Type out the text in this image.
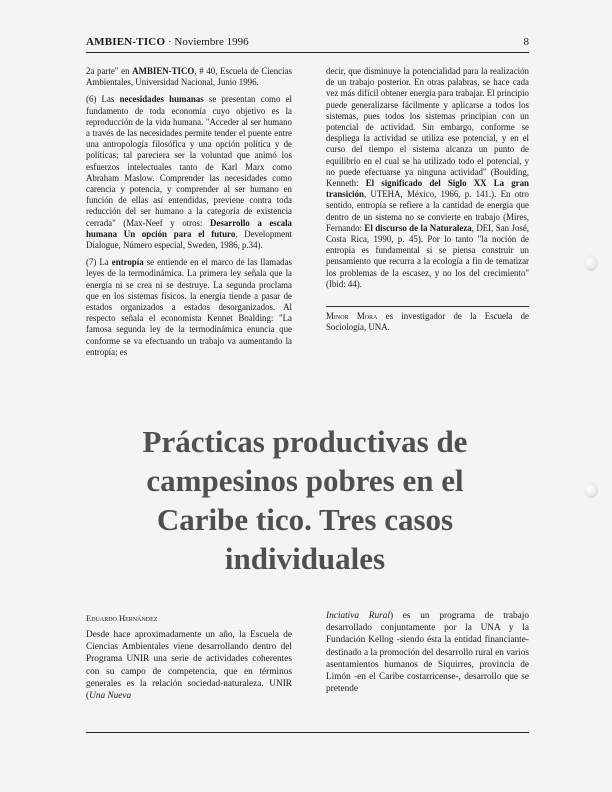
AMBIEN-TICO · Noviembre 1996	8

2a parte" en AMBIEN-TICO, # 40, Escuela de Ciencias Ambientales, Universidad Nacional, Junio 1996.

(6) Las necesidades humanas se presentan como el fundamento de toda economía cuyo objetivo es la reproducción de la vida humana. "Acceder al ser humano a través de las necesidades permite tender el puente entre una antropología filosófica y una opción política y de políticas; tal pareciera ser la voluntad que animó los esfuerzos intelectuales tanto de Karl Marx como Abraham Maslow. Comprender las necesidades como carencia y potencia, y comprender al ser humano en función de ellas así entendidas, previene contra toda reducción del ser humano a la categoría de existencia cerrada" (Max-Neef y otros: Desarrollo a escala humana Un opción para el futuro, Development Dialogue, Número especial, Sweden, 1986, p.34).

(7) La entropía se entiende en el marco de las llamadas leyes de la termodinámica. La primera ley señala que la energía ni se crea ni se destruye. La segunda proclama que en los sistemas físicos. la energía tiende a pasar de estados organizados a estados desorganizados. Al respecto señala el economista Kennet Boalding: "La famosa segunda ley de la termodinámica enuncia que conforme se va efectuando un trabajo va aumentando la entropía; es

decir, que disminuye la potencialidad para la realización de un trabajo posterior. En otras palabras, se hace cada vez más difícil obtener energía para trabajar. El principio puede generalizarse fácilmente y aplicarse a todos los sistemas, pues todos los sistemas principian con un potencial de actividad. Sin embargo, conforme se despliega la actividad se utiliza ese potencial, y en el curso del tiempo el sistema alcanza un punto de equilibrio en el cual se ha utilizado todo el potencial, y no puede efectuarse ya ninguna actividad" (Boulding, Kenneth: El significado del Siglo XX La gran transición, UTEHA, México, 1966, p. 141.). En otro sentido, entropía se refiere a la cantidad de energía que dentro de un sistema no se convierte en trabajo (Mires, Fernando: El discurso de la Naturaleza, DEI, San José, Costa Rica, 1990, p. 45). Por lo tanto "la noción de entropía es fundamental si se piensa construir un pensamiento que recurra a la ecología a fin de tematizar los problemas de la escasez, y no los del crecimiento" (Ibid: 44).

Minor Mora es investigador de la Escuela de Sociología, UNA.
Prácticas productivas de campesinos pobres en el Caribe tico. Tres casos individuales
Eduardo Hernández
Desde hace aproximadamente un año, la Escuela de Ciencias Ambientales viene desarrollando dentro del Programa UNIR una serie de actividades coherentes con su campo de competencia, que en términos generales es la relación sociedad-naturaleza. UNIR (Una Nueva
Inciativa Rural) es un programa de trabajo desarrollado conjuntamente por la UNA y la Fundación Kellog -siendo ésta la entidad financiante- destinado a la promoción del desarrollo rural en varios asentamientos humanos de Siquirres, provincia de Limón -en el Caribe costarricense-, desarrollo que se pretende
